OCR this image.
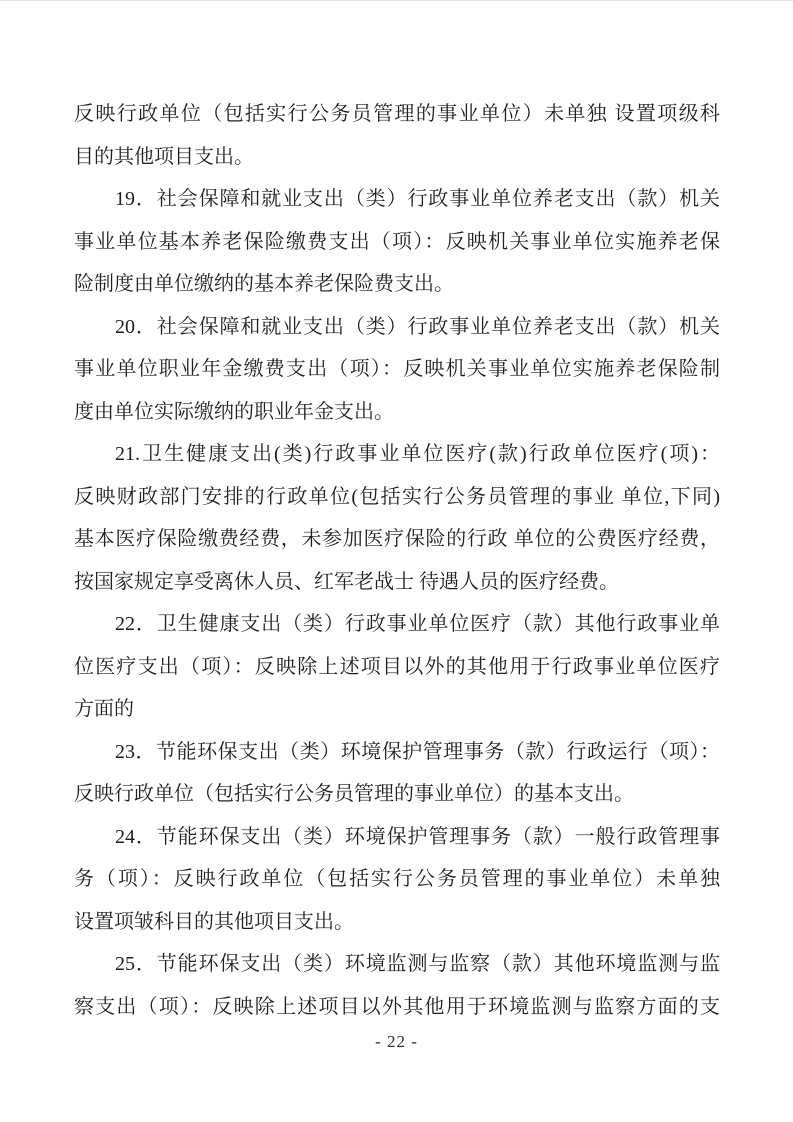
反映行政单位（包括实行公务员管理的事业单位）未单独 设置项级科
目的其他项目支出。
19．社会保障和就业支出（类）行政事业单位养老支出（款）机关
事业单位基本养老保险缴费支出（项）：反映机关事业单位实施养老保
险制度由单位缴纳的基本养老保险费支出。
20．社会保障和就业支出（类）行政事业单位养老支出（款）机关
事业单位职业年金缴费支出（项）：反映机关事业单位实施养老保险制
度由单位实际缴纳的职业年金支出。
21.卫生健康支出(类)行政事业单位医疗(款)行政单位医疗(项)：
反映财政部门安排的行政单位(包括实行公务员管理的事业 单位,下同)
基本医疗保险缴费经费，未参加医疗保险的行政 单位的公费医疗经费，
按国家规定享受离休人员、红军老战士 待遇人员的医疗经费。
22．卫生健康支出（类）行政事业单位医疗（款）其他行政事业单
位医疗支出（项）：反映除上述项目以外的其他用于行政事业单位医疗
方面的
23．节能环保支出（类）环境保护管理事务（款）行政运行（项）：
反映行政单位（包括实行公务员管理的事业单位）的基本支出。
24．节能环保支出（类）环境保护管理事务（款）一般行政管理事
务（项）：反映行政单位（包括实行公务员管理的事业单位）未单独
设置项皱科目的其他项目支出。
25．节能环保支出（类）环境监测与监察（款）其他环境监测与监
察支出（项）：反映除上述项目以外其他用于环境监测与监察方面的支
- 22 -
